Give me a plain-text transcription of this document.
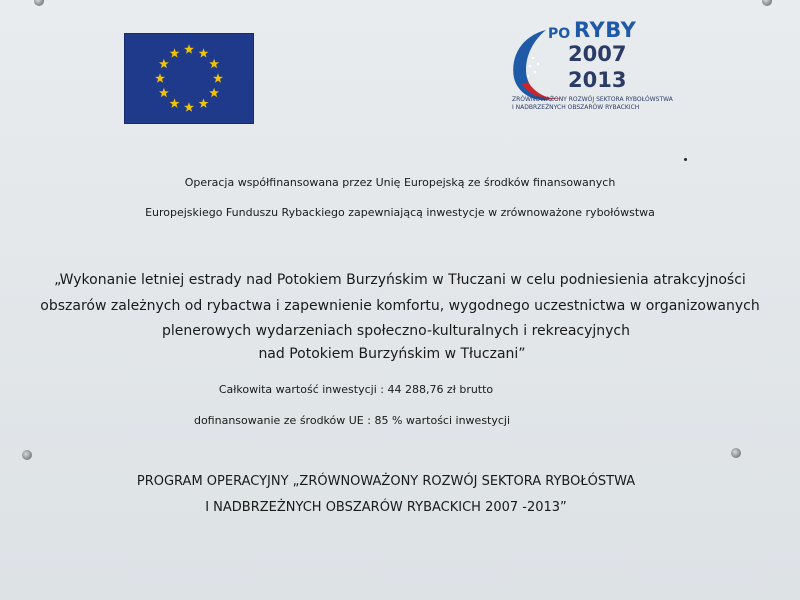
PO RYBY
2007
2013
ZRÓWNOWAŻONY ROZWÓJ SEKTORA RYBOŁÓWSTWA
I NADBRZEŻNYCH OBSZARÓW RYBACKICH
Operacja współfinansowana przez Unię Europejską ze środków finansowanych
Europejskiego Funduszu Rybackiego zapewniającą inwestycje w zrównoważone rybołówstwa
„Wykonanie letniej estrady nad Potokiem Burzyńskim w Tłuczani w celu podniesienia atrakcyjności
obszarów zależnych od rybactwa i zapewnienie komfortu, wygodnego uczestnictwa w organizowanych
plenerowych wydarzeniach społeczno-kulturalnych i rekreacyjnych
nad Potokiem Burzyńskim w Tłuczani”
Całkowita wartość inwestycji : 44 288,76 zł brutto
dofinansowanie ze środków UE : 85 % wartości inwestycji
PROGRAM OPERACYJNY „ZRÓWNOWAŻONY ROZWÓJ SEKTORA RYBOŁÓSTWA
I NADBRZEŻNYCH OBSZARÓW RYBACKICH 2007 -2013”
